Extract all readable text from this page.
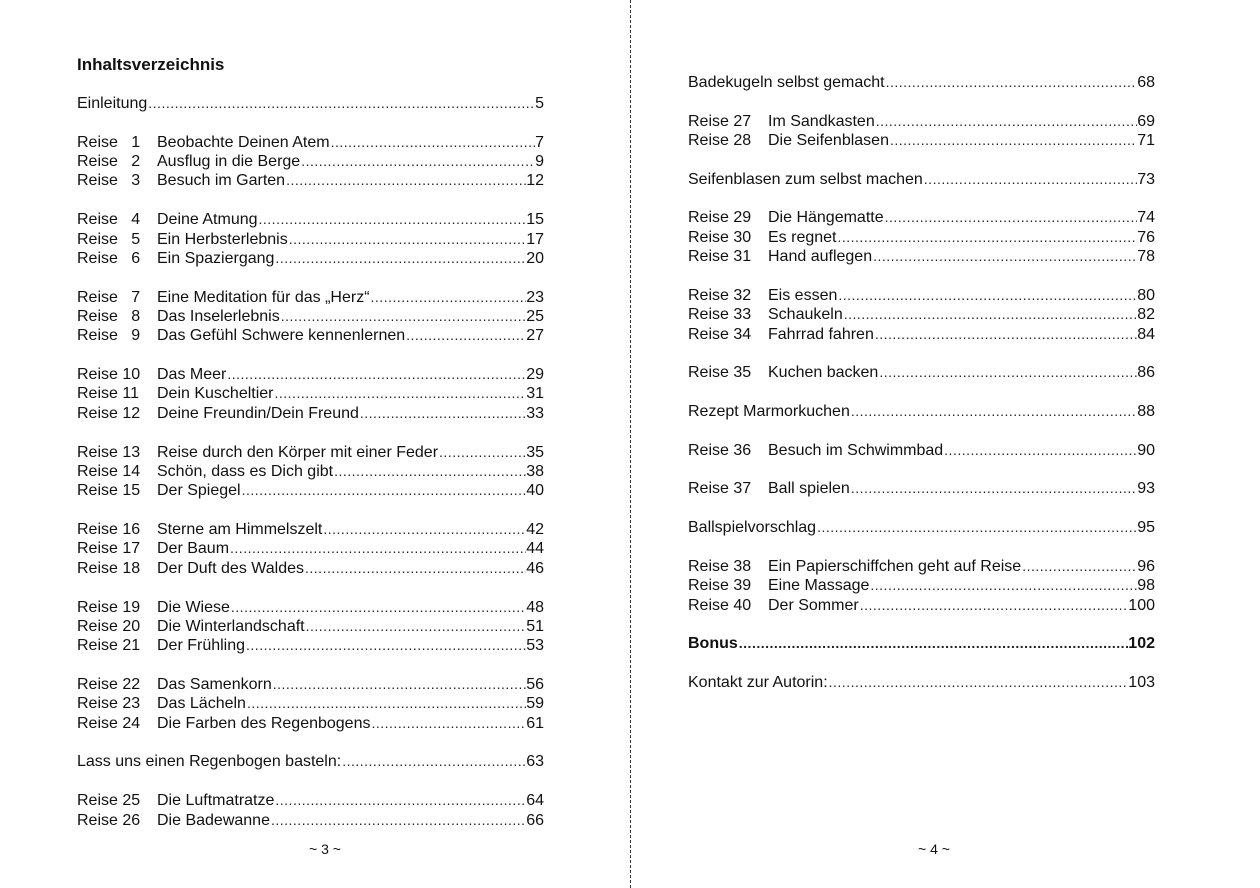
Inhaltsverzeichnis
Einleitung .....	5
Reise   1	Beobachte Deinen Atem .....	7
Reise   2	Ausflug in die Berge .....	9
Reise   3	Besuch im Garten .....	12
Reise   4	Deine Atmung .....	15
Reise   5	Ein Herbsterlebnis .....	17
Reise   6	Ein Spaziergang .....	20
Reise   7	Eine Meditation für das „Herz“ .....	23
Reise   8	Das Inselerlebnis .....	25
Reise   9	Das Gefühl Schwere kennenlernen .....	27
Reise 10	Das Meer .....	29
Reise 11	Dein Kuscheltier .....	31
Reise 12	Deine Freundin/Dein Freund .....	33
Reise 13	Reise durch den Körper mit einer Feder .....	35
Reise 14	Schön, dass es Dich gibt .....	38
Reise 15	Der Spiegel .....	40
Reise 16	Sterne am Himmelszelt .....	42
Reise 17	Der Baum .....	44
Reise 18	Der Duft des Waldes .....	46
Reise 19	Die Wiese .....	48
Reise 20	Die Winterlandschaft .....	51
Reise 21	Der Frühling .....	53
Reise 22	Das Samenkorn .....	56
Reise 23	Das Lächeln .....	59
Reise 24	Die Farben des Regenbogens .....	61
Lass uns einen Regenbogen basteln: .....	63
Reise 25	Die Luftmatratze .....	64
Reise 26	Die Badewanne .....	66
~ 3 ~
Badekugeln selbst gemacht .....	68
Reise 27	Im Sandkasten .....	69
Reise 28	Die Seifenblasen .....	71
Seifenblasen zum selbst machen .....	73
Reise 29	Die Hängematte .....	74
Reise 30	Es regnet .....	76
Reise 31	Hand auflegen .....	78
Reise 32	Eis essen .....	80
Reise 33	Schaukeln .....	82
Reise 34	Fahrrad fahren .....	84
Reise 35	Kuchen backen .....	86
Rezept Marmorkuchen .....	88
Reise 36	Besuch im Schwimmbad .....	90
Reise 37	Ball spielen .....	93
Ballspielvorschlag .....	95
Reise 38	Ein Papierschiffchen geht auf Reise .....	96
Reise 39	Eine Massage .....	98
Reise 40	Der Sommer .....	100
Bonus .....	102
Kontakt zur Autorin: .....	103
~ 4 ~
